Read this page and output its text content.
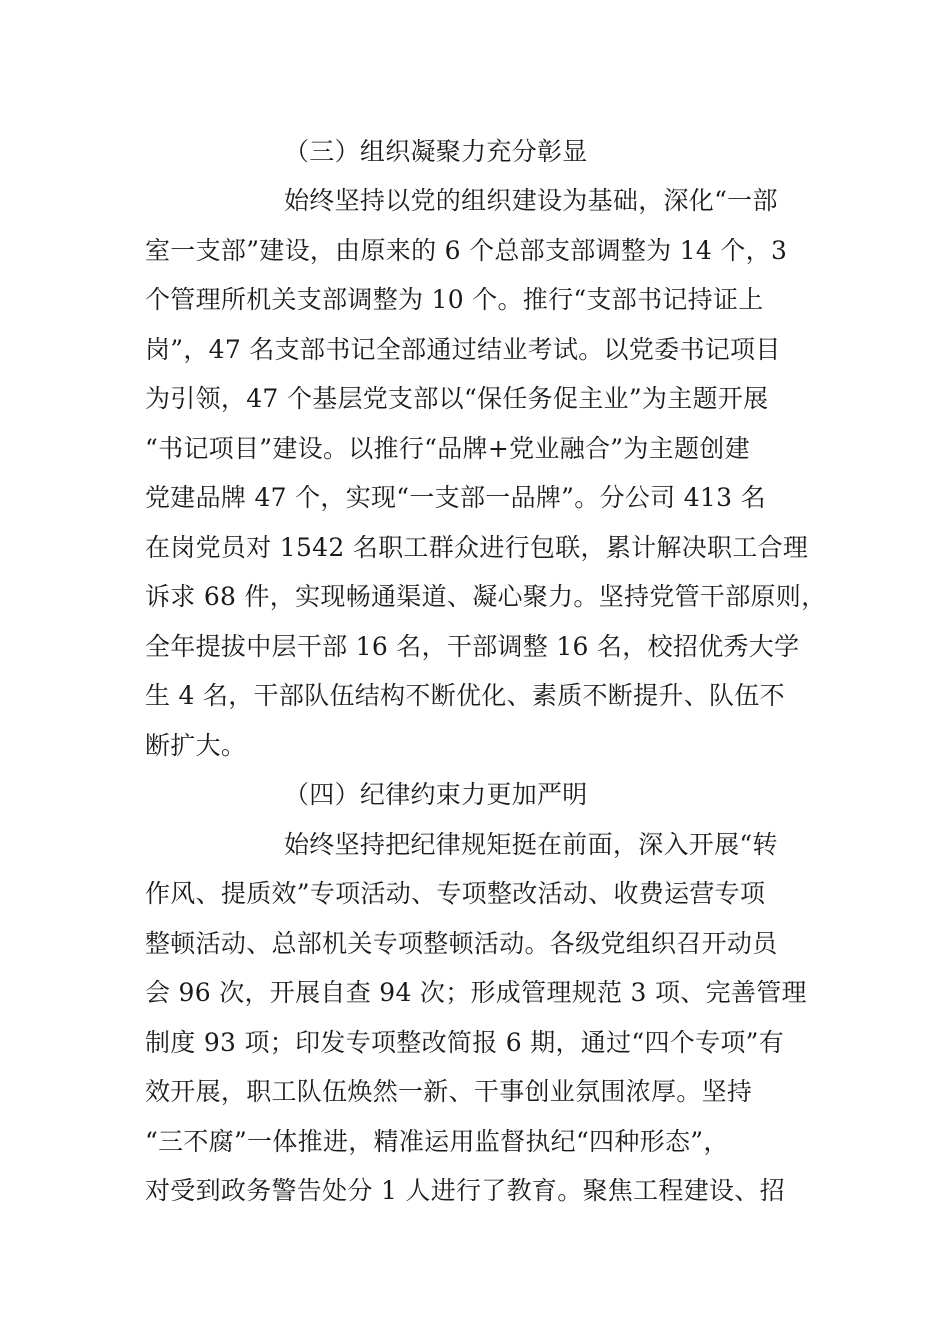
（三）组织凝聚力充分彰显
始终坚持以党的组织建设为基础，深化“一部
室一支部”建设，由原来的 6 个总部支部调整为 14 个，3
个管理所机关支部调整为 10 个。推行“支部书记持证上
岗”，47 名支部书记全部通过结业考试。以党委书记项目
为引领，47 个基层党支部以“保任务促主业”为主题开展
“书记项目”建设。以推行“品牌+党业融合”为主题创建
党建品牌 47 个，实现“一支部一品牌”。分公司 413 名
在岗党员对 1542 名职工群众进行包联，累计解决职工合理
诉求 68 件，实现畅通渠道、凝心聚力。坚持党管干部原则，
全年提拔中层干部 16 名，干部调整 16 名，校招优秀大学
生 4 名，干部队伍结构不断优化、素质不断提升、队伍不
断扩大。
（四）纪律约束力更加严明
始终坚持把纪律规矩挺在前面，深入开展“转
作风、提质效”专项活动、专项整改活动、收费运营专项
整顿活动、总部机关专项整顿活动。各级党组织召开动员
会 96 次，开展自查 94 次；形成管理规范 3 项、完善管理
制度 93 项；印发专项整改简报 6 期，通过“四个专项”有
效开展，职工队伍焕然一新、干事创业氛围浓厚。坚持
“三不腐”一体推进，精准运用监督执纪“四种形态”，
对受到政务警告处分 1 人进行了教育。聚焦工程建设、招
